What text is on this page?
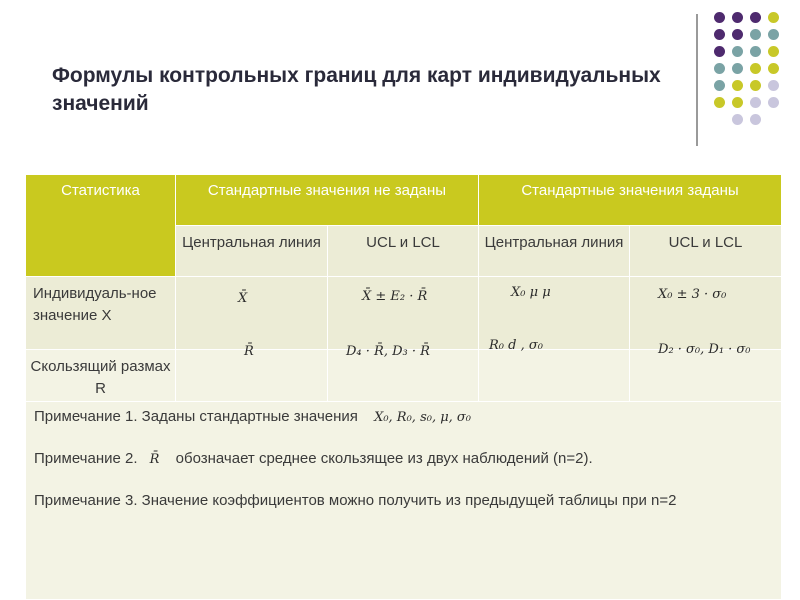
Формулы контрольных границ для карт индивидуальных значений
Статистика	Стандартные значения не заданы		Стандартные значения заданы	

	Центральная линия	UCL и LCL	Центральная линия	UCL и LCL

Индивидуаль-ное значение X	X̄	X̄ ± E₂ · R̄	X₀ μ μ	X₀ ± 3 · σ₀

Скользящий размах R	R̄	D₄ · R̄, D₃ · R̄	R₀ d , σ₀	D₂ · σ₀, D₁ · σ₀

Примечание 1. Заданы стандартные значения X₀, R₀, s₀, μ, σ₀
Примечание 2. R̄ обозначает среднее скользящее из двух наблюдений (n=2).
Примечание 3. Значение коэффициентов можно получить из предыдущей таблицы при n=2				
